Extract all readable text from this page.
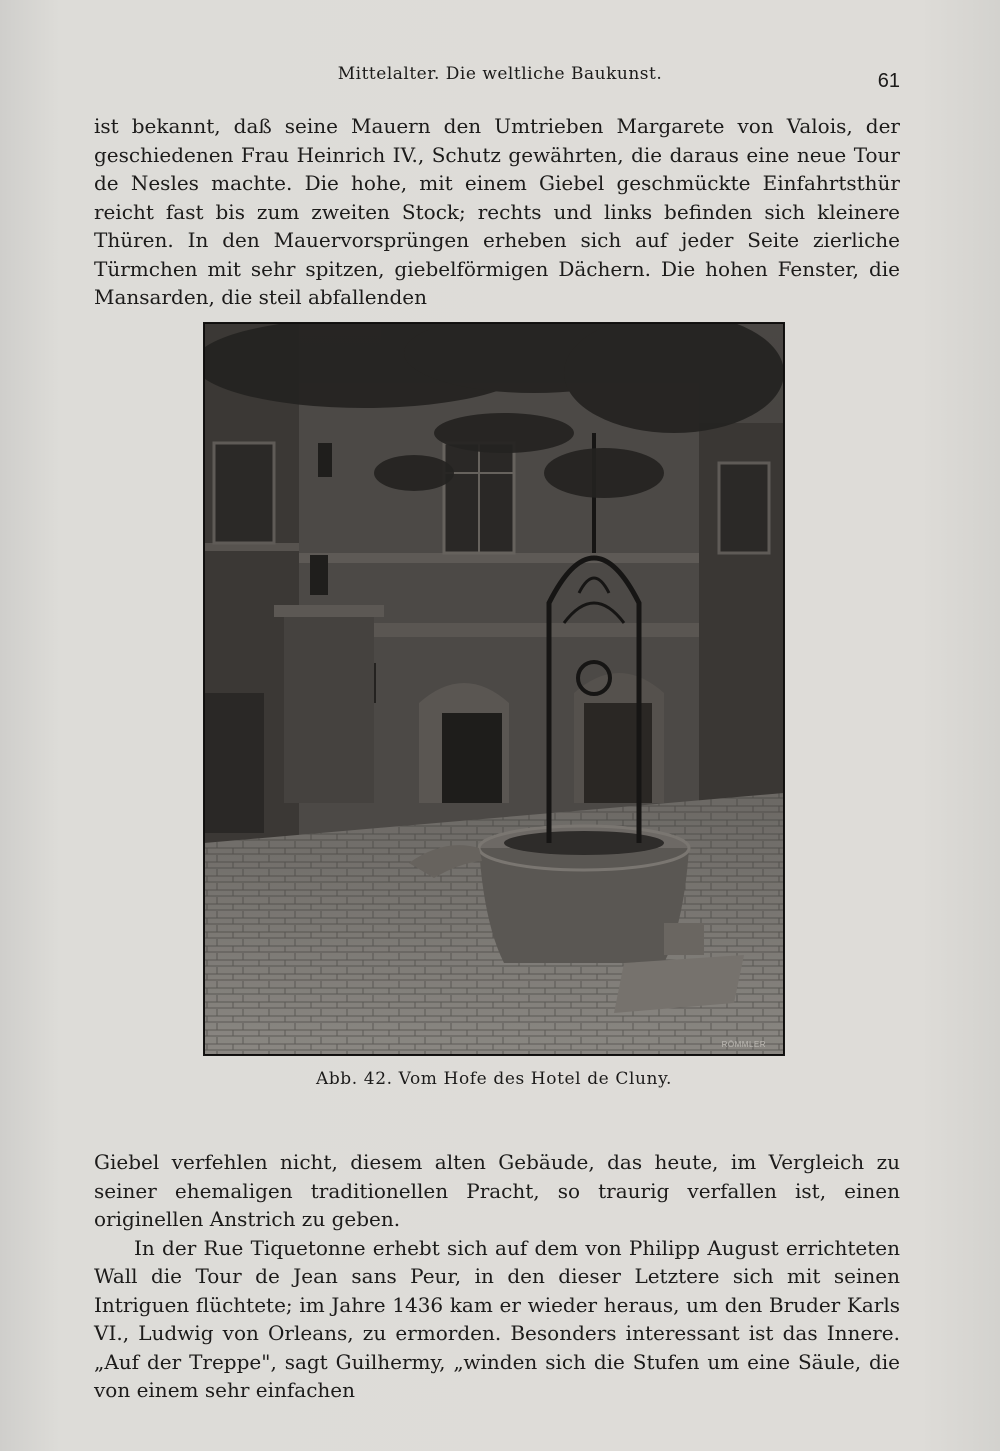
Mittelalter. Die weltliche Baukunst.	61

ist bekannt, daß seine Mauern den Umtrieben Margarete von Valois, der geschiedenen Frau Heinrich IV., Schutz gewährten, die daraus eine neue Tour de Nesles machte. Die hohe, mit einem Giebel geschmückte Einfahrtsthür reicht fast bis zum zweiten Stock; rechts und links befinden sich kleinere Thüren. In den Mauervorsprüngen erheben sich auf jeder Seite zierliche Türmchen mit sehr spitzen, giebelförmigen Dächern. Die hohen Fenster, die Mansarden, die steil abfallenden

RÖMMLER
Abb. 42. Vom Hofe des Hotel de Cluny.

Giebel verfehlen nicht, diesem alten Gebäude, das heute, im Vergleich zu seiner ehemaligen traditionellen Pracht, so traurig verfallen ist, einen originellen Anstrich zu geben.

In der Rue Tiquetonne erhebt sich auf dem von Philipp August errichteten Wall die Tour de Jean sans Peur, in den dieser Letztere sich mit seinen Intriguen flüchtete; im Jahre 1436 kam er wieder heraus, um den Bruder Karls VI., Ludwig von Orleans, zu ermorden. Besonders interessant ist das Innere. „Auf der Treppe", sagt Guilhermy, „winden sich die Stufen um eine Säule, die von einem sehr einfachen
